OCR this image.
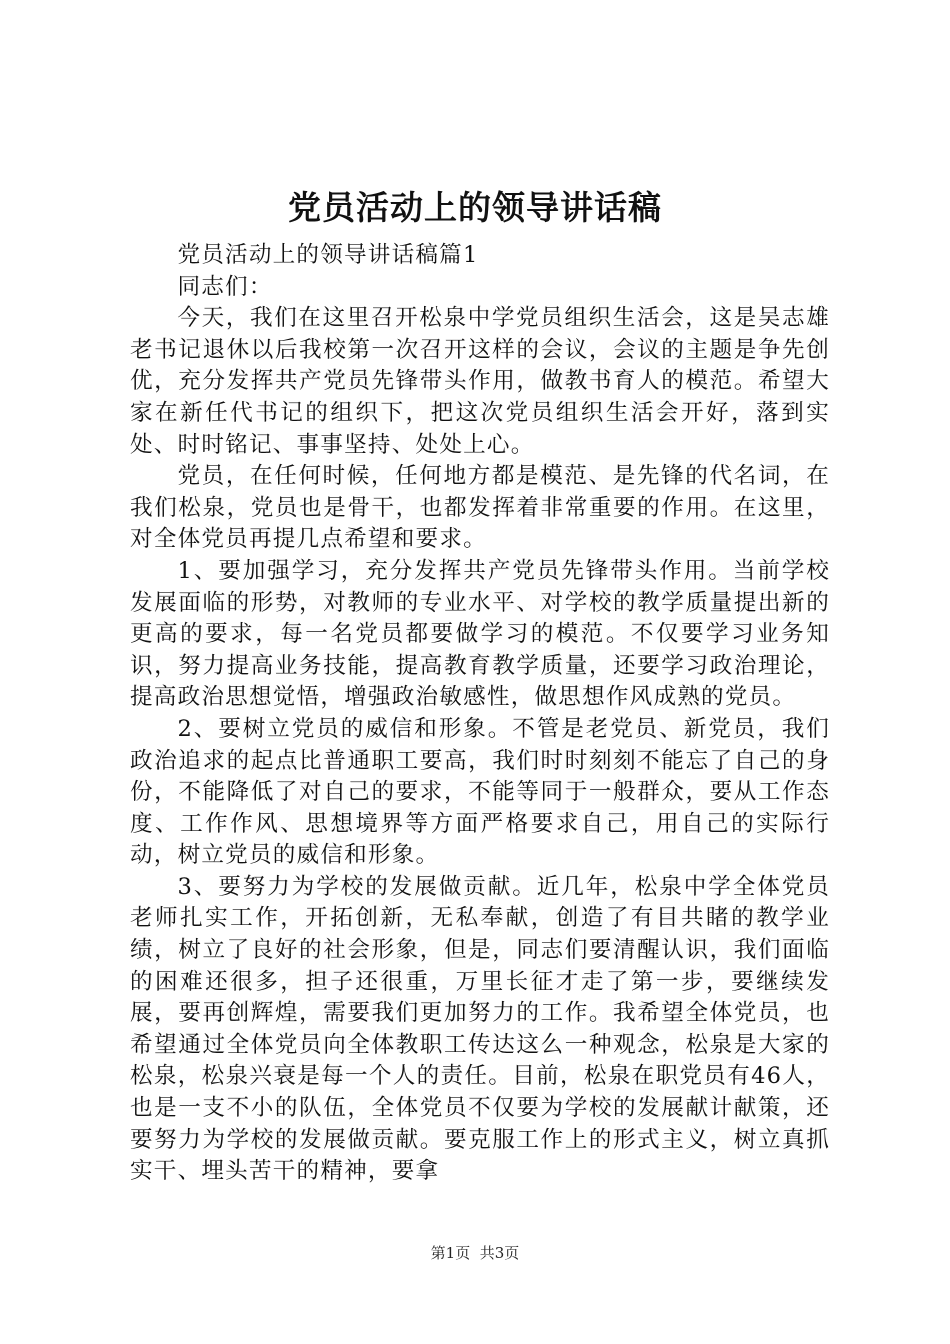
党员活动上的领导讲话稿

党员活动上的领导讲话稿篇1

同志们：

今天，我们在这里召开松泉中学党员组织生活会，这是吴志雄老书记退休以后我校第一次召开这样的会议，会议的主题是争先创优，充分发挥共产党员先锋带头作用，做教书育人的模范。希望大家在新任代书记的组织下，把这次党员组织生活会开好，落到实处、时时铭记、事事坚持、处处上心。

党员，在任何时候，任何地方都是模范、是先锋的代名词，在我们松泉，党员也是骨干，也都发挥着非常重要的作用。在这里，对全体党员再提几点希望和要求。

1、要加强学习，充分发挥共产党员先锋带头作用。当前学校发展面临的形势，对教师的专业水平、对学校的教学质量提出新的更高的要求，每一名党员都要做学习的模范。不仅要学习业务知识，努力提高业务技能，提高教育教学质量，还要学习政治理论，提高政治思想觉悟，增强政治敏感性，做思想作风成熟的党员。

2、要树立党员的威信和形象。不管是老党员、新党员，我们政治追求的起点比普通职工要高，我们时时刻刻不能忘了自己的身份，不能降低了对自己的要求，不能等同于一般群众，要从工作态度、工作作风、思想境界等方面严格要求自己，用自己的实际行动，树立党员的威信和形象。

3、要努力为学校的发展做贡献。近几年，松泉中学全体党员老师扎实工作，开拓创新，无私奉献，创造了有目共睹的教学业绩，树立了良好的社会形象，但是，同志们要清醒认识，我们面临的困难还很多，担子还很重，万里长征才走了第一步，要继续发展，要再创辉煌，需要我们更加努力的工作。我希望全体党员，也希望通过全体党员向全体教职工传达这么一种观念，松泉是大家的松泉，松泉兴衰是每一个人的责任。目前，松泉在职党员有46人，也是一支不小的队伍，全体党员不仅要为学校的发展献计献策，还要努力为学校的发展做贡献。要克服工作上的形式主义，树立真抓实干、埋头苦干的精神，要拿

第1页 共3页
